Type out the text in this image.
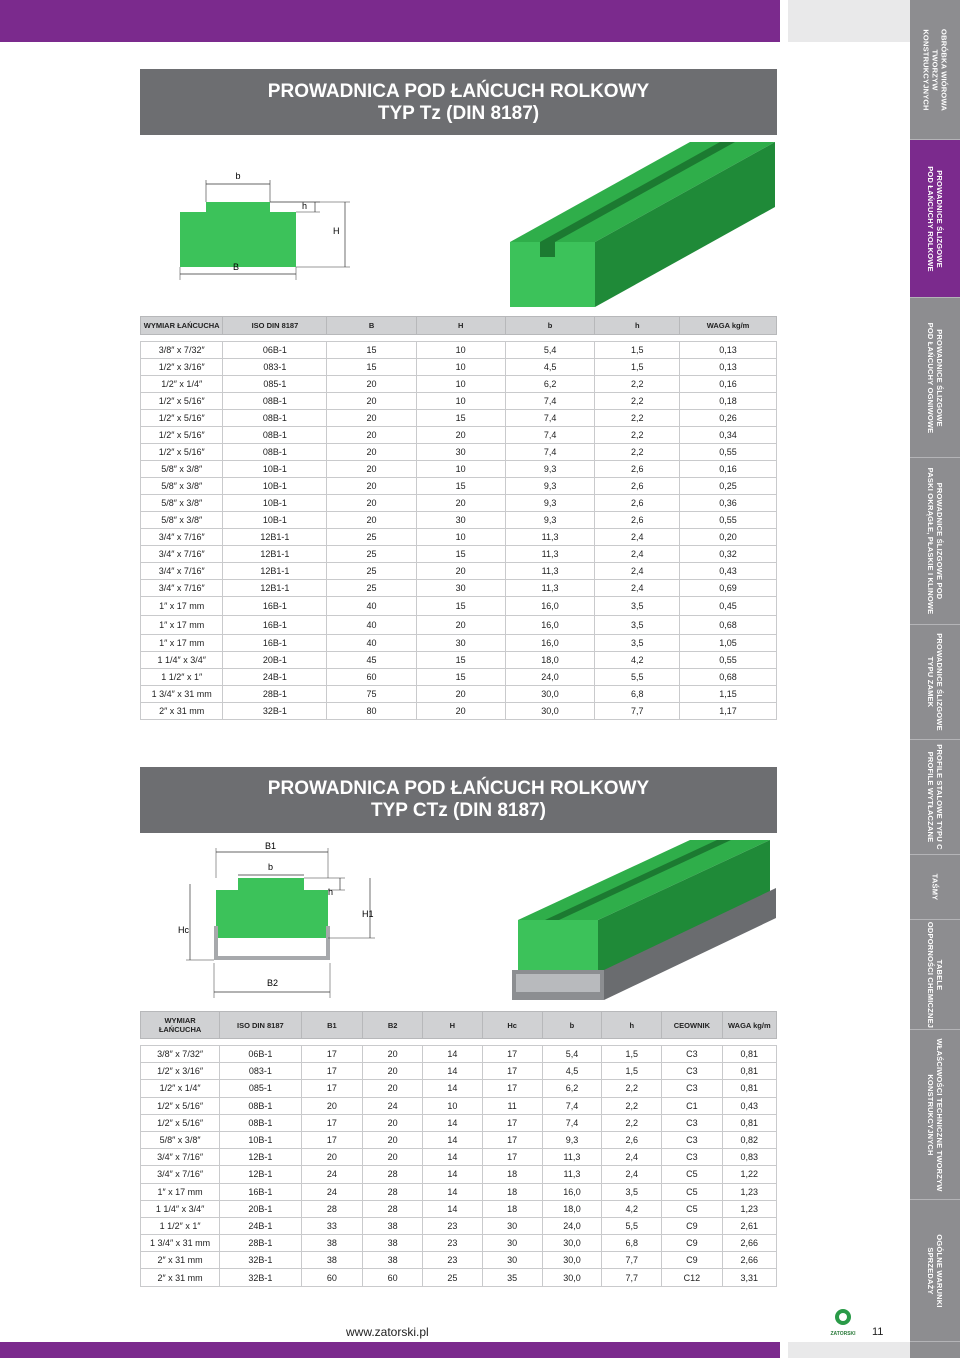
OBRÓBKA WIÓROWA
TWORZYW
KONSTRUKCYJNYCH
PROWADNICE ŚLIZGOWE
POD ŁAŃCUCHY ROLKOWE
PROWADNICE ŚLIZGOWE
POD ŁAŃCUCHY OGNIWOWE
PROWADNICE ŚLIZGOWE POD
PASKI OKRĄGŁE, PŁASKIE I KLINOWE
PROWADNICE ŚLIZGOWE
TYPU ZAMEK
PROFILE STALOWE TYPU C
PROFILE WYTŁACZANE
TAŚMY
TABELE
ODPORNOŚCI CHEMICZNEJ
WŁAŚCIWOŚCI TECHNICZNE TWORZYW
KONSTRUKCYJNYCH
OGÓLNE WARUNKI
SPRZEDAŻY
PROWADNICA POD ŁAŃCUCH ROLKOWY
TYP Tz (DIN 8187)
b
h
H
B
WYMIAR ŁAŃCUCHA	ISO DIN 8187	B	H	b	h	WAGA kg/m

3/8″ x 7/32″	06B-1	15	10	5,4	1,5	0,13
1/2″ x 3/16″	083-1	15	10	4,5	1,5	0,13
1/2″ x 1/4″	085-1	20	10	6,2	2,2	0,16
1/2″ x 5/16″	08B-1	20	10	7,4	2,2	0,18
1/2″ x 5/16″	08B-1	20	15	7,4	2,2	0,26
1/2″ x 5/16″	08B-1	20	20	7,4	2,2	0,34
1/2″ x 5/16″	08B-1	20	30	7,4	2,2	0,55
5/8″ x 3/8″	10B-1	20	10	9,3	2,6	0,16
5/8″ x 3/8″	10B-1	20	15	9,3	2,6	0,25
5/8″ x 3/8″	10B-1	20	20	9,3	2,6	0,36
5/8″ x 3/8″	10B-1	20	30	9,3	2,6	0,55
3/4″ x 7/16″	12B1-1	25	10	11,3	2,4	0,20
3/4″ x 7/16″	12B1-1	25	15	11,3	2,4	0,32
3/4″ x 7/16″	12B1-1	25	20	11,3	2,4	0,43
3/4″ x 7/16″	12B1-1	25	30	11,3	2,4	0,69
1″ x 17 mm	16B-1	40	15	16,0	3,5	0,45
1″ x 17 mm	16B-1	40	20	16,0	3,5	0,68
1″ x 17 mm	16B-1	40	30	16,0	3,5	1,05
1 1/4″ x 3/4″	20B-1	45	15	18,0	4,2	0,55
1 1/2″ x 1″	24B-1	60	15	24,0	5,5	0,68
1 3/4″ x 31 mm	28B-1	75	20	30,0	6,8	1,15
2″ x 31 mm	32B-1	80	20	30,0	7,7	1,17
PROWADNICA POD ŁAŃCUCH ROLKOWY
TYP CTz (DIN 8187)
B1
b
h
H1
Hc
B2
WYMIAR ŁAŃCUCHA	ISO DIN 8187	B1	B2	H	Hc	b	h	CEOWNIK	WAGA kg/m

3/8″ x 7/32″	06B-1	17	20	14	17	5,4	1,5	C3	0,81
1/2″ x 3/16″	083-1	17	20	14	17	4,5	1,5	C3	0,81
1/2″ x 1/4″	085-1	17	20	14	17	6,2	2,2	C3	0,81
1/2″ x 5/16″	08B-1	20	24	10	11	7,4	2,2	C1	0,43
1/2″ x 5/16″	08B-1	17	20	14	17	7,4	2,2	C3	0,81
5/8″ x 3/8″	10B-1	17	20	14	17	9,3	2,6	C3	0,82
3/4″ x 7/16″	12B-1	20	20	14	17	11,3	2,4	C3	0,83
3/4″ x 7/16″	12B-1	24	28	14	18	11,3	2,4	C5	1,22
1″ x 17 mm	16B-1	24	28	14	18	16,0	3,5	C5	1,23
1 1/4″ x 3/4″	20B-1	28	28	14	18	18,0	4,2	C5	1,23
1 1/2″ x 1″	24B-1	33	38	23	30	24,0	5,5	C9	2,61
1 3/4″ x 31 mm	28B-1	38	38	23	30	30,0	6,8	C9	2,66
2″ x 31 mm	32B-1	38	38	23	30	30,0	7,7	C9	2,66
2″ x 31 mm	32B-1	60	60	25	35	30,0	7,7	C12	3,31
www.zatorski.pl	ZATORSKI 11
